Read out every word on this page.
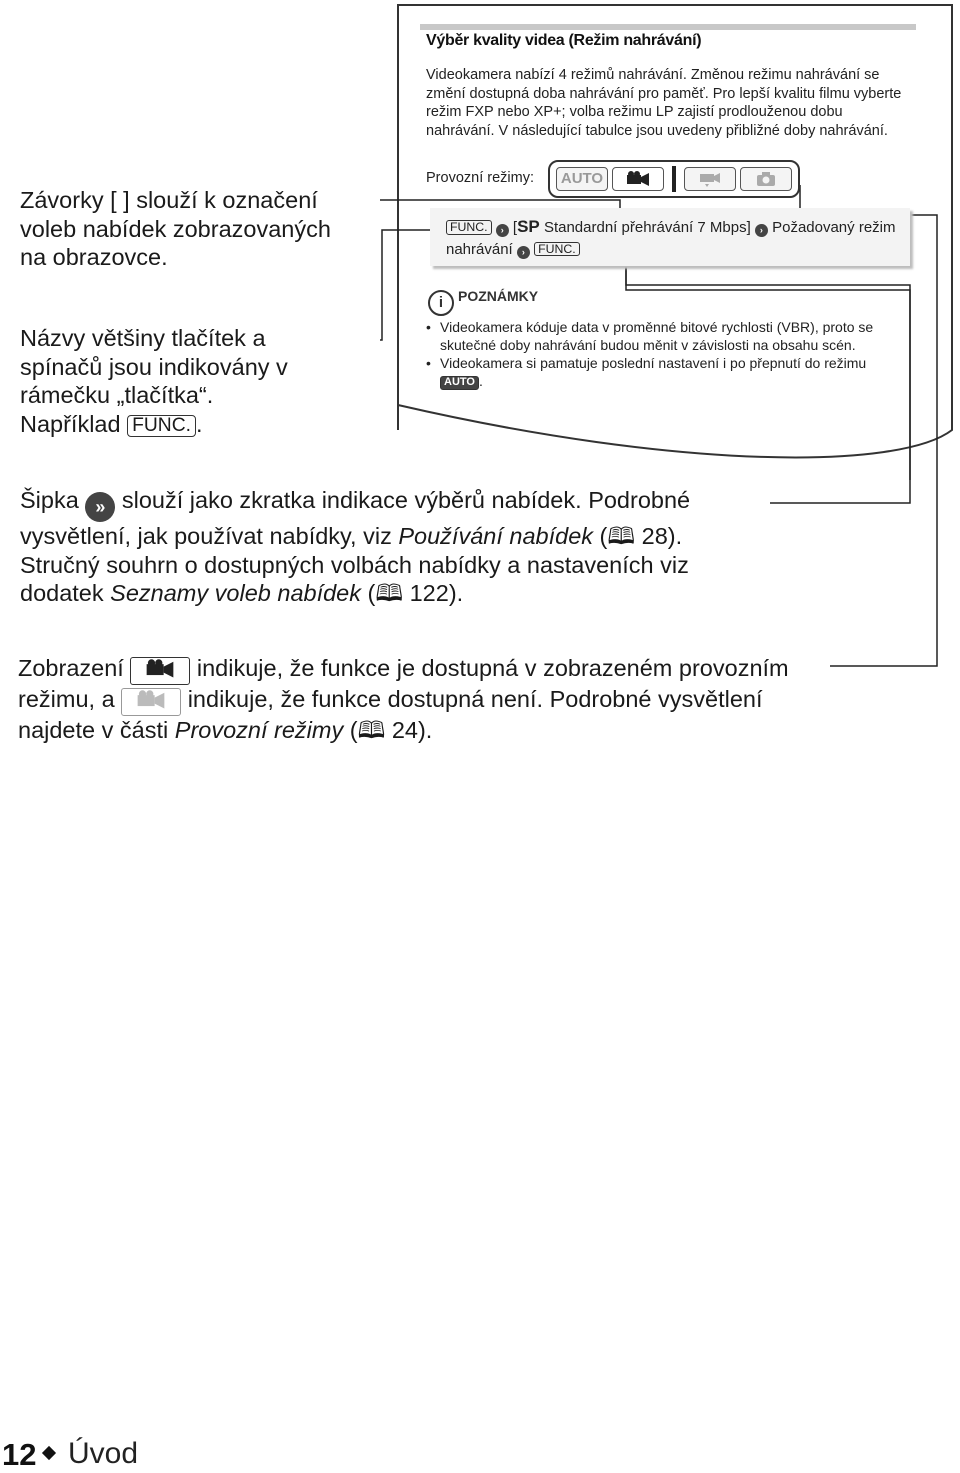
Výběr kvality videa (Režim nahrávání)
Videokamera nabízí 4 režimů nahrávání. Změnou režimu nahrávání se změní dostupná doba nahrávání pro paměť. Pro lepší kvalitu filmu vyberte režim FXP nebo XP+; volba režimu LP zajistí prodlouženou dobu nahrávání. V následující tabulce jsou uvedeny přibližné doby nahrávání.
Provozní režimy:	AUTO
FUNC. › [SP Standardní přehrávání 7 Mbps] › Požadovaný režim nahrávání › FUNC.
i POZNÁMKY
• Videokamera kóduje data v proměnné bitové rychlosti (VBR), proto se skutečné doby nahrávání budou měnit v závislosti na obsahu scén.
• Videokamera si pamatuje poslední nastavení i po přepnutí do režimu
AUTO .
Závorky [ ] slouží k označení voleb nabídek zobrazovaných na obrazovce.
Názvy většiny tlačítek a spínačů jsou indikovány v rámečku „tlačítka“.
Například FUNC. .
Šipka » slouží jako zkratka indikace výběrů nabídek. Podrobné vysvětlení, jak používat nabídky, viz Používání nabídek (🕮 28). Stručný souhrn o dostupných volbách nabídky a nastaveních viz dodatek Seznamy voleb nabídek (🕮 122).
Zobrazení	indikuje, že funkce je dostupná v zobrazeném provozním režimu, a	indikuje, že funkce dostupná není. Podrobné vysvětlení najdete v části Provozní režimy (🕮 24).
12 Úvod
